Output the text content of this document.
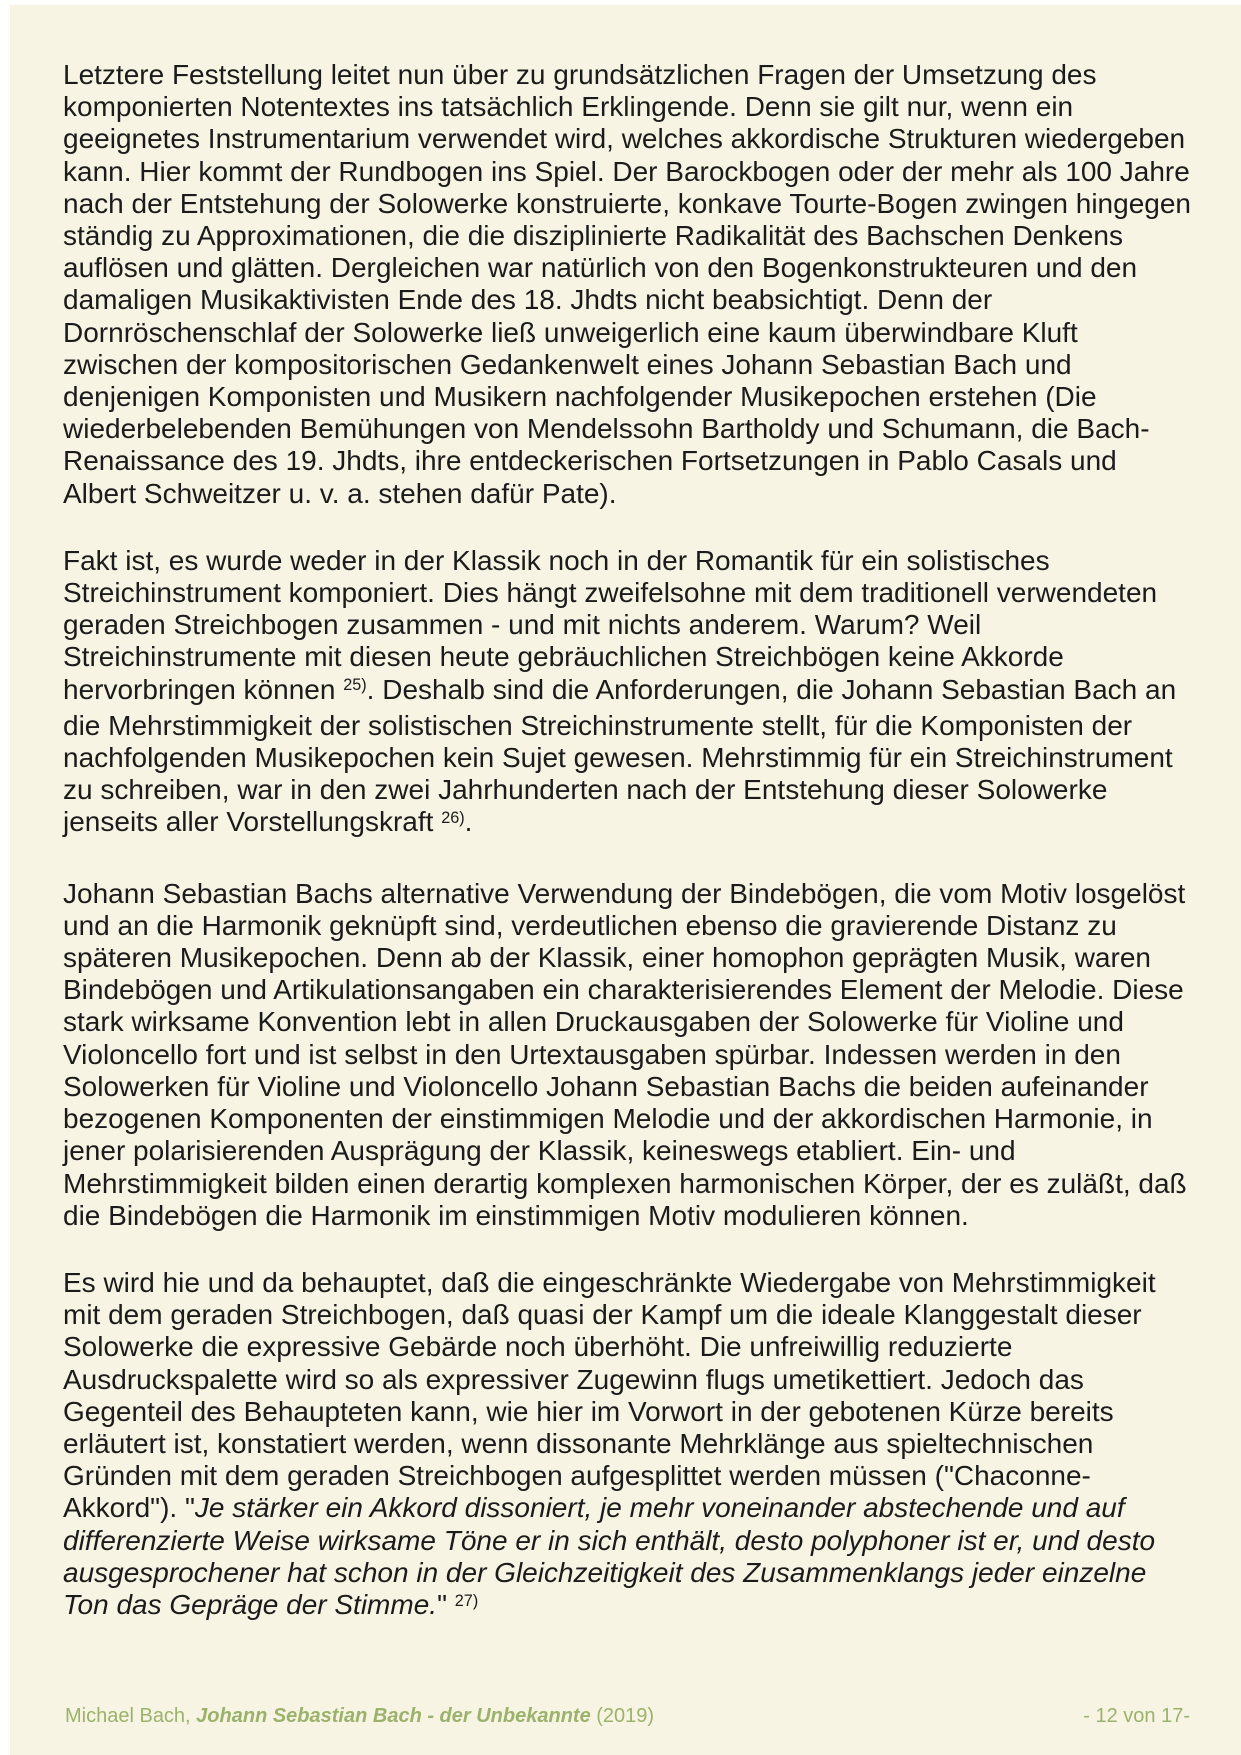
Letztere Feststellung leitet nun über zu grundsätzlichen Fragen der Umsetzung des komponierten Notentextes ins tatsächlich Erklingende. Denn sie gilt nur, wenn ein geeignetes Instrumentarium verwendet wird, welches akkordische Strukturen wiedergeben kann. Hier kommt der Rundbogen ins Spiel. Der Barockbogen oder der mehr als 100 Jahre nach der Entstehung der Solowerke konstruierte, konkave Tourte-Bogen zwingen hingegen ständig zu Approximationen, die die disziplinierte Radikalität des Bachschen Denkens auflösen und glätten. Dergleichen war natürlich von den Bogenkonstrukteuren und den damaligen Musikaktivisten Ende des 18. Jhdts nicht beabsichtigt. Denn der Dornröschenschlaf der Solowerke ließ unweigerlich eine kaum überwindbare Kluft zwischen der kompositorischen Gedankenwelt eines Johann Sebastian Bach und denjenigen Komponisten und Musikern nachfolgender Musikepochen erstehen (Die wiederbelebenden Bemühungen von Mendelssohn Bartholdy und Schumann, die Bach-Renaissance des 19. Jhdts, ihre entdeckerischen Fortsetzungen in Pablo Casals und Albert Schweitzer u. v. a. stehen dafür Pate).

Fakt ist, es wurde weder in der Klassik noch in der Romantik für ein solistisches Streichinstrument komponiert. Dies hängt zweifelsohne mit dem traditionell verwendeten geraden Streichbogen zusammen - und mit nichts anderem. Warum? Weil Streichinstrumente mit diesen heute gebräuchlichen Streichbögen keine Akkorde hervorbringen können $^{25)}$. Deshalb sind die Anforderungen, die Johann Sebastian Bach an die Mehrstimmigkeit der solistischen Streichinstrumente stellt, für die Komponisten der nachfolgenden Musikepochen kein Sujet gewesen. Mehrstimmig für ein Streichinstrument zu schreiben, war in den zwei Jahrhunderten nach der Entstehung dieser Solowerke jenseits aller Vorstellungskraft $^{26)}$.

Johann Sebastian Bachs alternative Verwendung der Bindebögen, die vom Motiv losgelöst und an die Harmonik geknüpft sind, verdeutlichen ebenso die gravierende Distanz zu späteren Musikepochen. Denn ab der Klassik, einer homophon geprägten Musik, waren Bindebögen und Artikulationsangaben ein charakterisierendes Element der Melodie. Diese stark wirksame Konvention lebt in allen Druckausgaben der Solowerke für Violine und Violoncello fort und ist selbst in den Urtextausgaben spürbar. Indessen werden in den Solowerken für Violine und Violoncello Johann Sebastian Bachs die beiden aufeinander bezogenen Komponenten der einstimmigen Melodie und der akkordischen Harmonie, in jener polarisierenden Ausprägung der Klassik, keineswegs etabliert. Ein- und Mehrstimmigkeit bilden einen derartig komplexen harmonischen Körper, der es zuläßt, daß die Bindebögen die Harmonik im einstimmigen Motiv modulieren können.

Es wird hie und da behauptet, daß die eingeschränkte Wiedergabe von Mehrstimmigkeit mit dem geraden Streichbogen, daß quasi der Kampf um die ideale Klanggestalt dieser Solowerke die expressive Gebärde noch überhöht. Die unfreiwillig reduzierte Ausdruckspalette wird so als expressiver Zugewinn flugs umetikettiert. Jedoch das Gegenteil des Behaupteten kann, wie hier im Vorwort in der gebotenen Kürze bereits erläutert ist, konstatiert werden, wenn dissonante Mehrklänge aus spieltechnischen Gründen mit dem geraden Streichbogen aufgesplittet werden müssen ("Chaconne-Akkord"). "Je stärker ein Akkord dissoniert, je mehr voneinander abstechende und auf differenzierte Weise wirksame Töne er in sich enthält, desto polyphoner ist er, und desto ausgesprochener hat schon in der Gleichzeitigkeit des Zusammenklangs jeder einzelne Ton das Gepräge der Stimme." $^{27)}$

Michael Bach, Johann Sebastian Bach - der Unbekannte (2019)	- 12 von 17-
